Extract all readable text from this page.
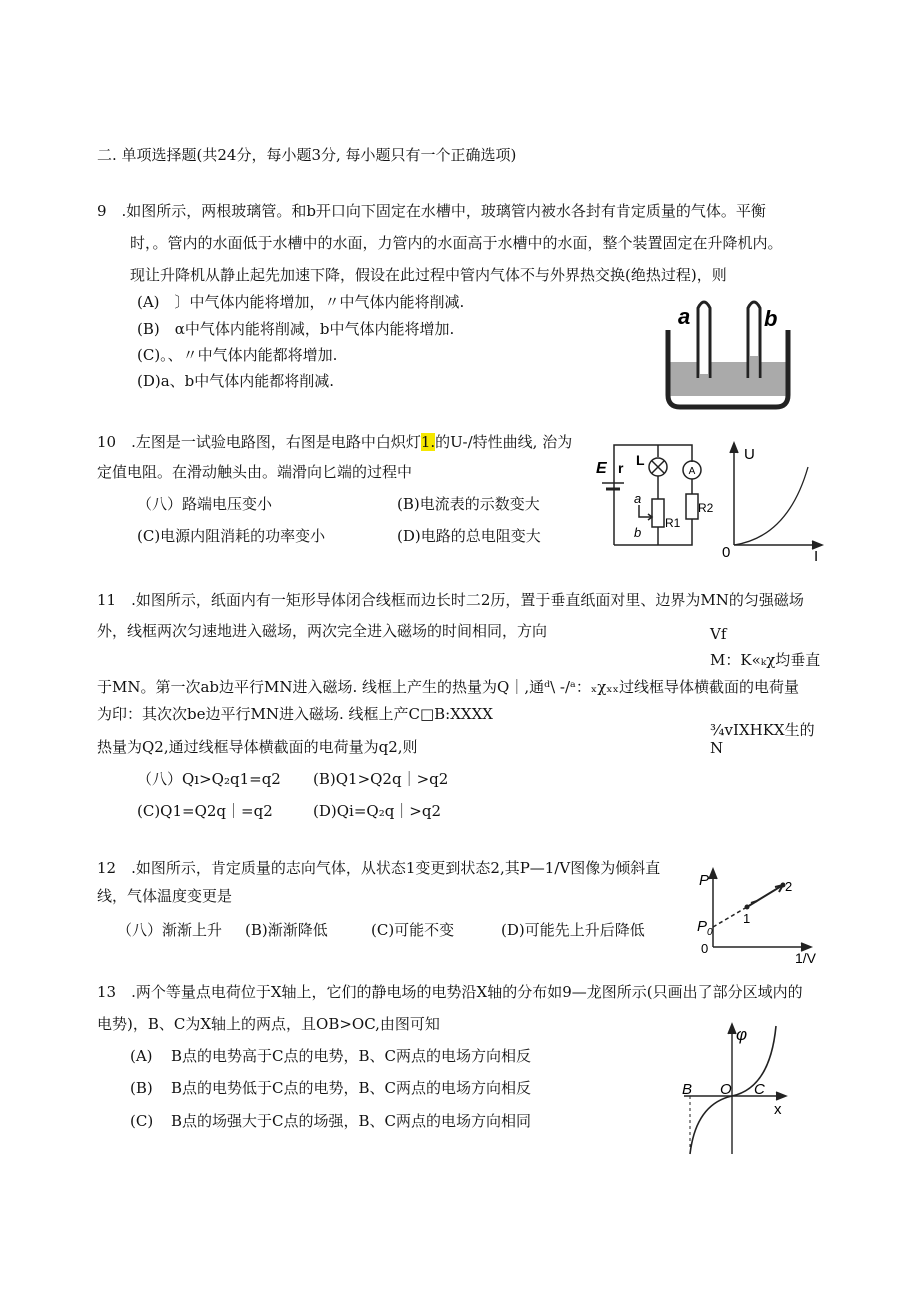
二. 单项选择题(共24分，每小题3分, 每小题只有一个正确选项)
9　.如图所示，两根玻璃管。和b开口向下固定在水槽中，玻璃管内被水各封有肯定质量的气体。平衡
时，。管内的水面低于水槽中的水面，力管内的水面高于水槽中的水面，整个装置固定在升降机内。
现让升降机从静止起先加速下降，假设在此过程中管内气体不与外界热交换(绝热过程)，则
(A)　〕中气体内能将增加，〃中气体内能将削减.
(B)　α中气体内能将削减，b中气体内能将增加.
(C)。、〃中气体内能都将增加.
(D)a、b中气体内能都将削减.
a	b
10　.左图是一试验电路图，右图是电路中白炽灯1.的U-/特性曲线, 治为
定值电阻。在滑动触头由。端滑向匕端的过程中
（八）路端电压变小	(B)电流表的示数变大
(C)电源内阻消耗的功率变小	(D)电路的总电阻变大
A
E r L
a
b
R1
R2
U
I
0
11　.如图所示，纸面内有一矩形导体闭合线框而边长时二2历，置于垂直纸面对里、边界为MN的匀强磁场
外，线框两次匀速地进入磁场，两次完全进入磁场的时间相同，方向	Vf
M：K«ₖχ均垂直
于MN。第一次ab边平行MN进入磁场. 线框上产生的热量为Q｜,通ᵈ\ -/ᵃ：ₓχₓₓ过线框导体横截面的电荷量
为印：其次次be边平行MN进入磁场. 线框上产C□B:XXXX
¾vIXHKX生的
N
热量为Q2,通过线框导体横截面的电荷量为q2,则
（八）Qı>Q₂q1=q2 (B)Q1>Q2q｜>q2
(C)Q1=Q2q｜=q2	(D)Qi=Q₂q｜>q2
12　.如图所示，肯定质量的志向气体，从状态1变更到状态2,其P—1/V图像为倾斜直
线，气体温度变更是
（八）渐渐上升 (B)渐渐降低	(C)可能不变	(D)可能先上升后降低
P
$P_0$
0
1
2
1/V
13　.两个等量点电荷位于X轴上，它们的静电场的电势沿X轴的分布如9—龙图所示(只画出了部分区域内的
电势)，B、C为X轴上的两点，且OB>OC,由图可知
(A) B点的电势高于C点的电势，B、C两点的电场方向相反
(B) B点的电势低于C点的电势，B、C两点的电场方向相反
(C) B点的场强大于C点的场强，B、C两点的电场方向相同
φ
B O C
x
